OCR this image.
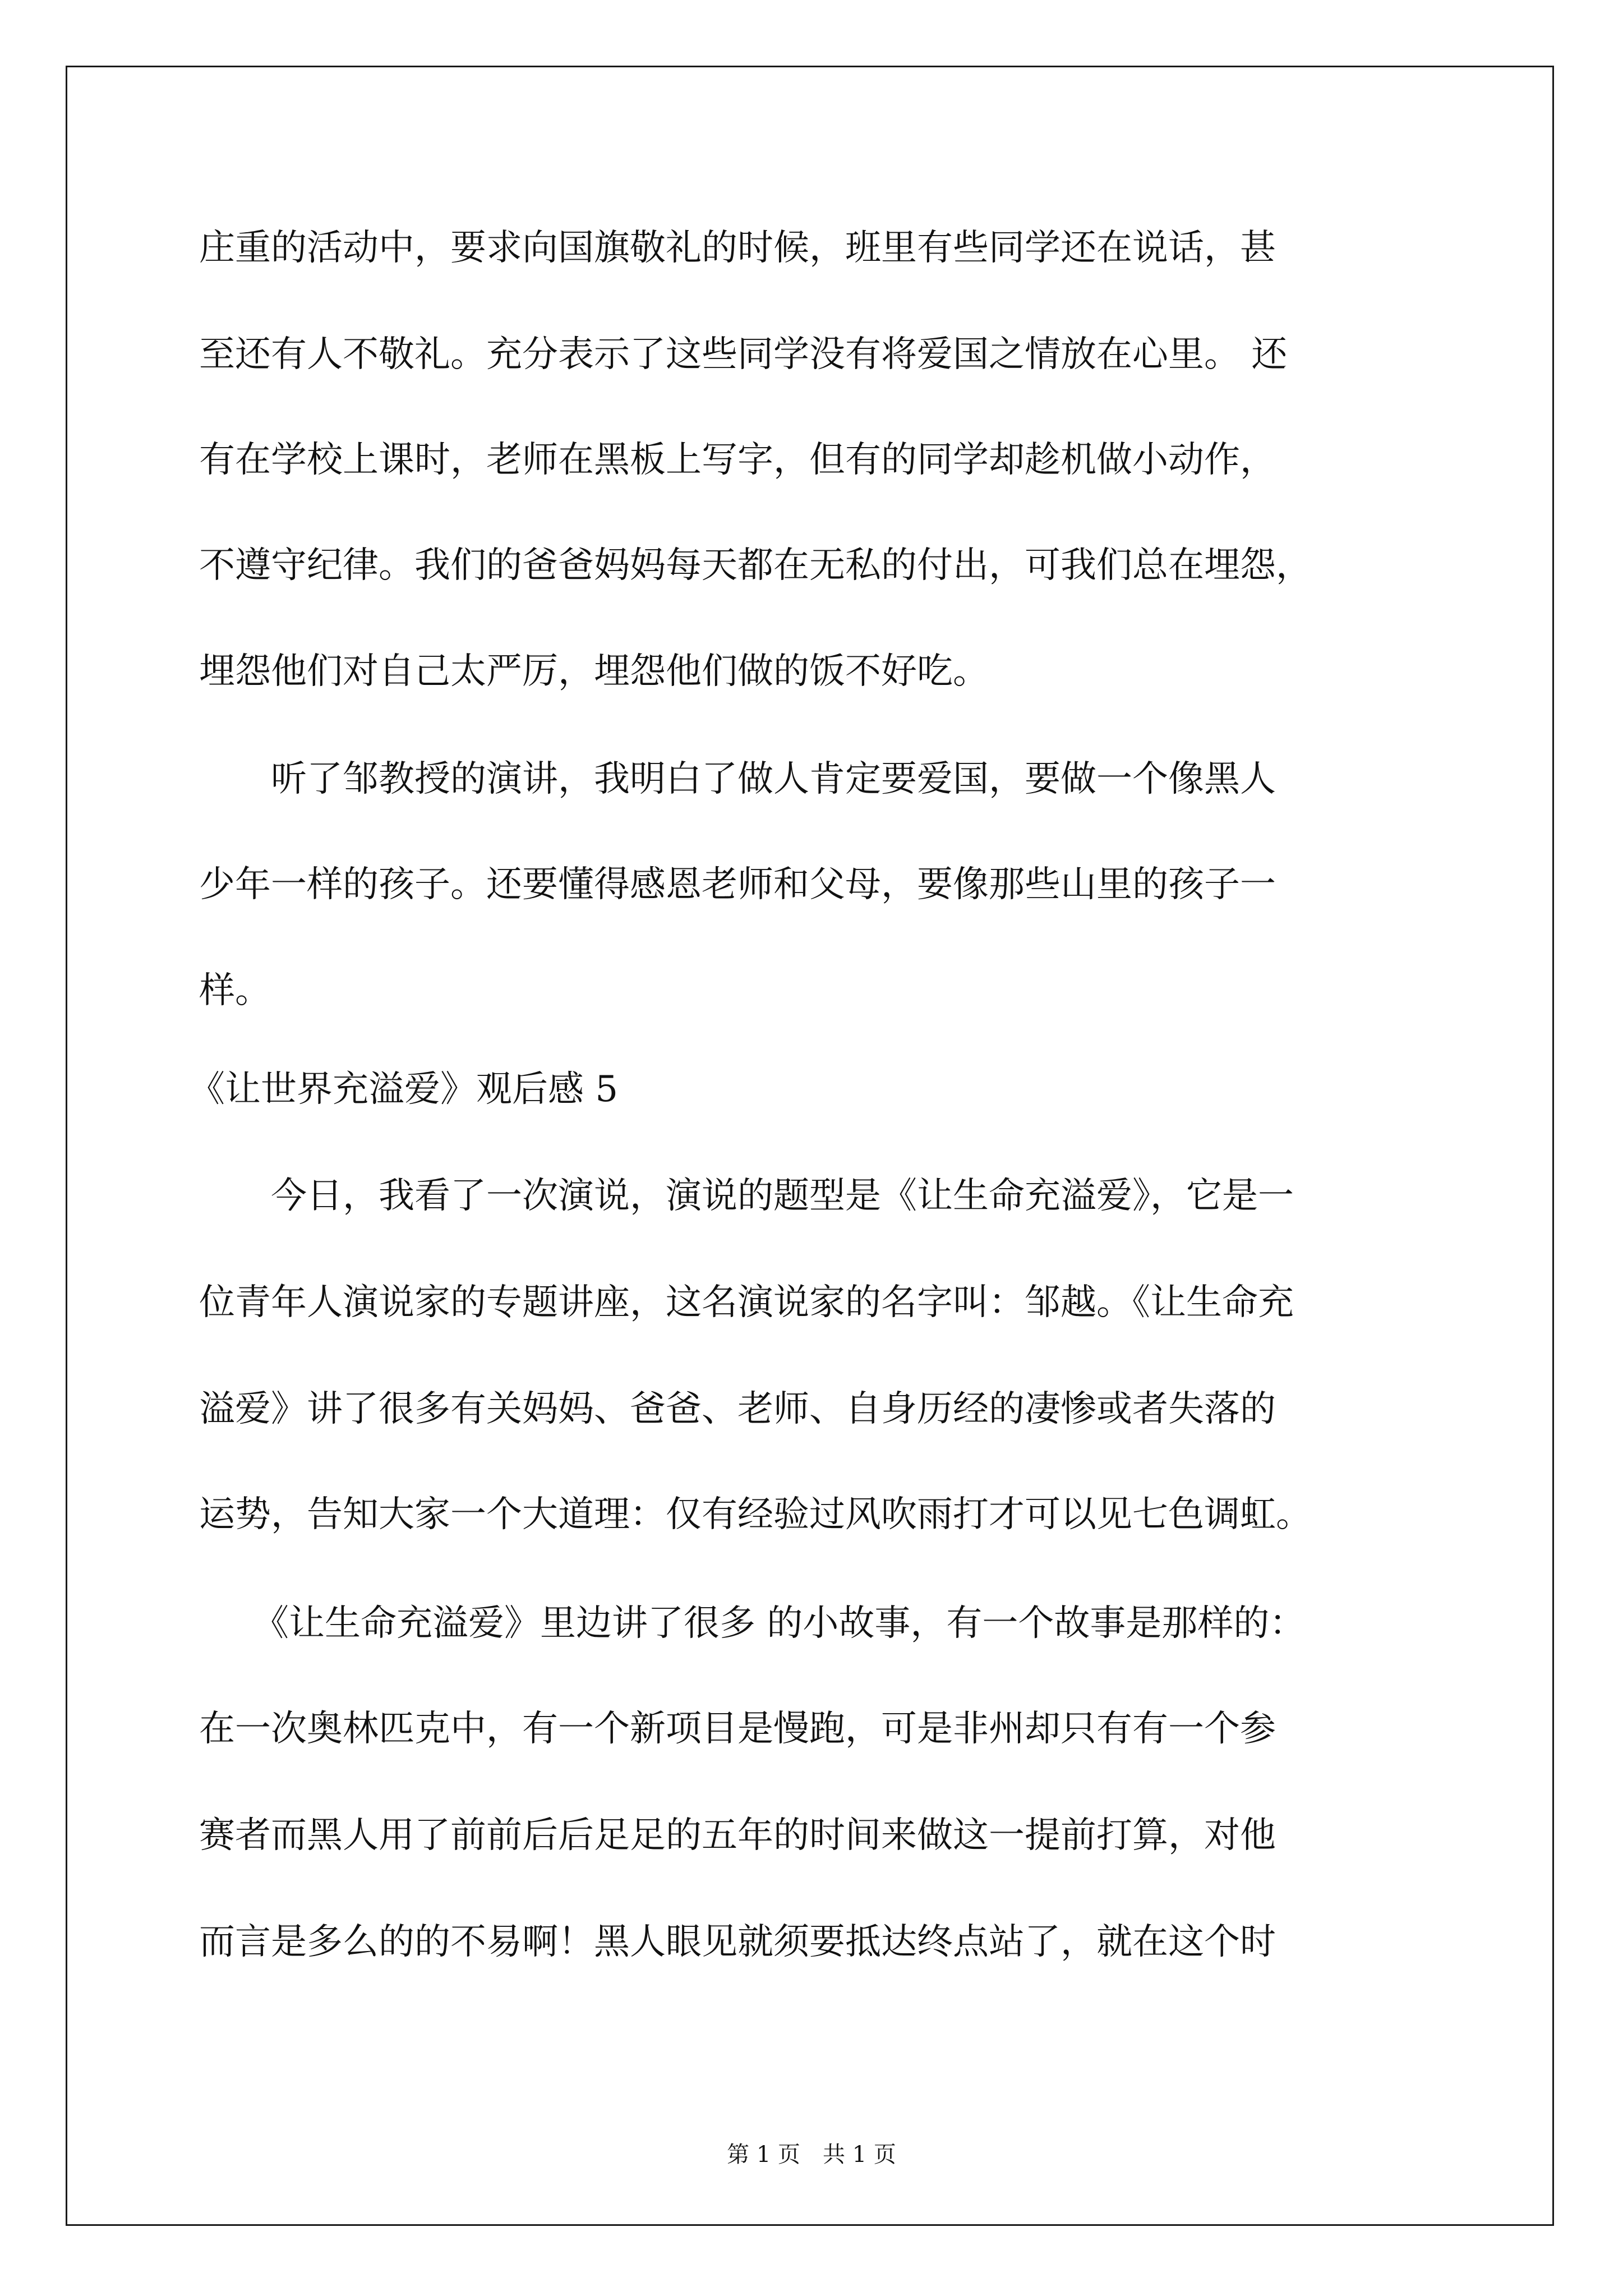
庄重的活动中，要求向国旗敬礼的时候，班里有些同学还在说话，甚
至还有人不敬礼。充分表示了这些同学没有将爱国之情放在心里。 还
有在学校上课时，老师在黑板上写字，但有的同学却趁机做小动作，
不遵守纪律。我们的爸爸妈妈每天都在无私的付出，可我们总在埋怨，
埋怨他们对自己太严厉，埋怨他们做的饭不好吃。
　　听了邹教授的演讲，我明白了做人肯定要爱国，要做一个像黑人
少年一样的孩子。还要懂得感恩老师和父母，要像那些山里的孩子一
样。
《让世界充溢爱》观后感 5
　　今日，我看了一次演说，演说的题型是《让生命充溢爱》，它是一
位青年人演说家的专题讲座，这名演说家的名字叫：邹越。《让生命充
溢爱》讲了很多有关妈妈、爸爸、老师、自身历经的凄惨或者失落的
运势，告知大家一个大道理：仅有经验过风吹雨打才可以见七色调虹。
　　《让生命充溢爱》里边讲了很多 的小故事，有一个故事是那样的：
在一次奥林匹克中，有一个新项目是慢跑，可是非州却只有有一个参
赛者而黑人用了前前后后足足的五年的时间来做这一提前打算，对他
而言是多么的的不易啊！黑人眼见就须要抵达终点站了，就在这个时
第 1 页　共 1 页
